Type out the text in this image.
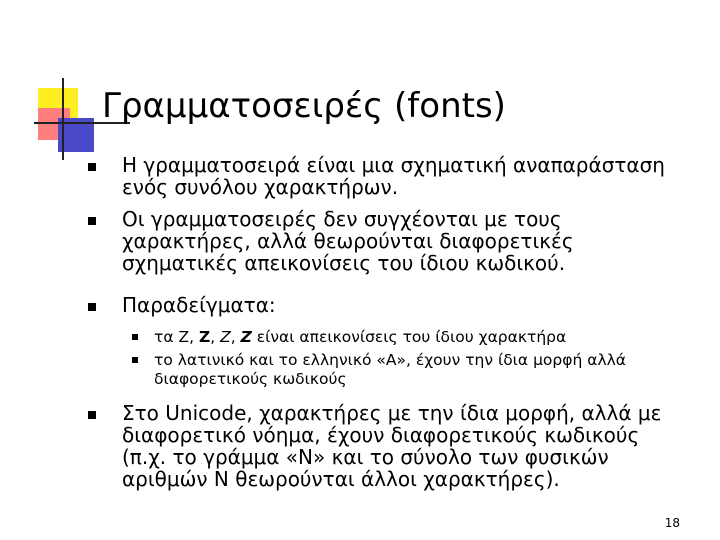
Γραμματοσειρές (fonts)
Η γραμματοσειρά είναι μια σχηματική αναπαράσταση
ενός συνόλου χαρακτήρων.
Οι γραμματοσειρές δεν συγχέονται με τους
χαρακτήρες, αλλά θεωρούνται διαφορετικές
σχηματικές απεικονίσεις του ίδιου κωδικού.
Παραδείγματα:
τα Z, Z, Z, Z είναι απεικονίσεις του ίδιου χαρακτήρα
το λατινικό και το ελληνικό «Α», έχουν την ίδια μορφή αλλά
διαφορετικούς κωδικούς
Στο Unicode, χαρακτήρες με την ίδια μορφή, αλλά με
διαφορετικό νόημα, έχουν διαφορετικούς κωδικούς
(π.χ. το γράμμα «Ν» και το σύνολο των φυσικών
αριθμών Ν θεωρούνται άλλοι χαρακτήρες).
18
